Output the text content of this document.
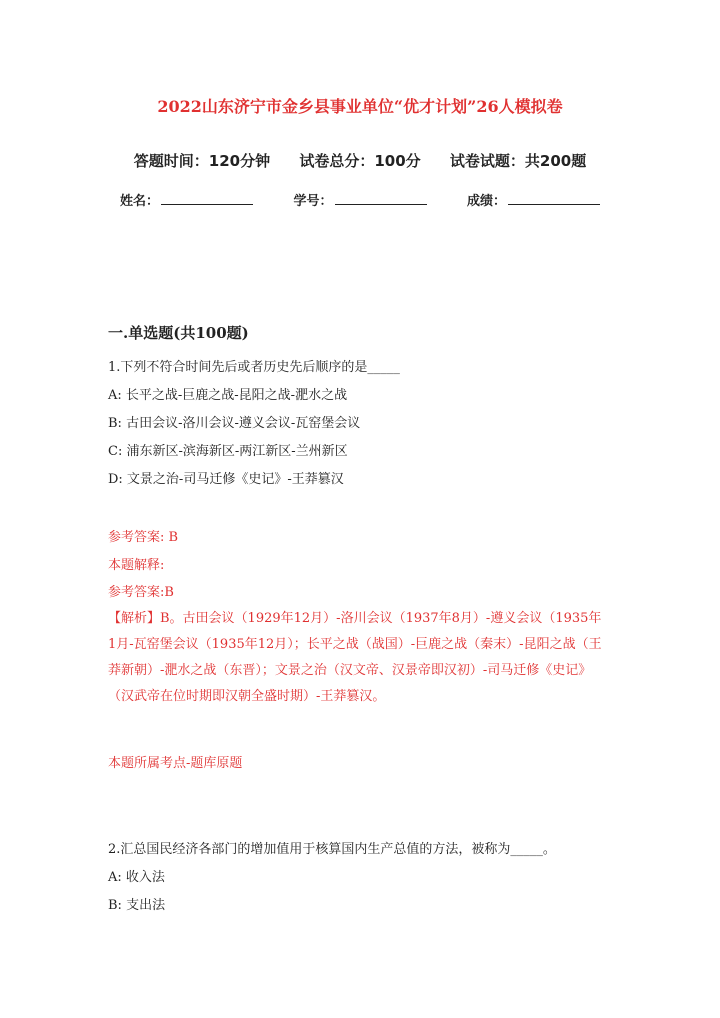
2022山东济宁市金乡县事业单位“优才计划”26人模拟卷
答题时间：120分钟 试卷总分：100分 试卷试题：共200题
姓名：	学号：	成绩：
一.单选题(共100题)
1.下列不符合时间先后或者历史先后顺序的是_____
A: 长平之战-巨鹿之战-昆阳之战-淝水之战
B: 古田会议-洛川会议-遵义会议-瓦窑堡会议
C: 浦东新区-滨海新区-两江新区-兰州新区
D: 文景之治-司马迁修《史记》-王莽篡汉
参考答案: B
本题解释:
参考答案:B
【解析】B。古田会议（1929年12月）-洛川会议（1937年8月）-遵义会议（1935年1月-瓦窑堡会议（1935年12月）；长平之战（战国）-巨鹿之战（秦末）-昆阳之战（王莽新朝）-淝水之战（东晋）；文景之治（汉文帝、汉景帝即汉初）-司马迁修《史记》（汉武帝在位时期即汉朝全盛时期）-王莽篡汉。
本题所属考点-题库原题
2.汇总国民经济各部门的增加值用于核算国内生产总值的方法，被称为_____。
A: 收入法
B: 支出法
